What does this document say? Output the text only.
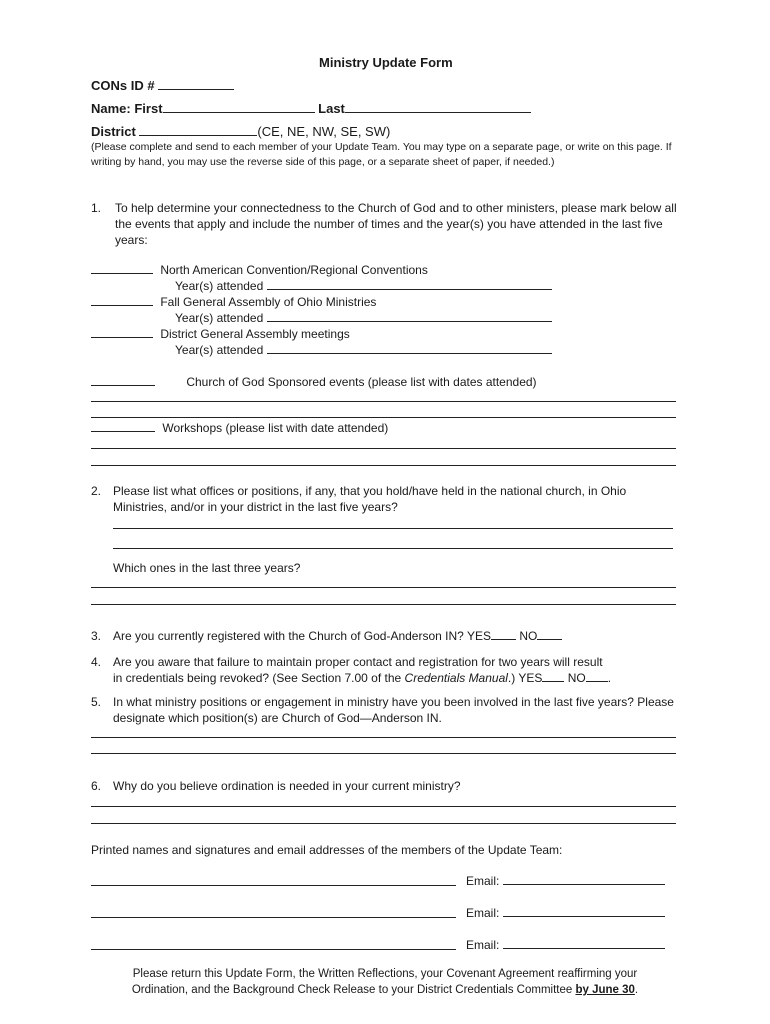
Ministry Update Form
CONs ID #
Name: First	Last
District	(CE, NE, NW, SE, SW)
(Please complete and send to each member of your Update Team. You may type on a separate page, or write on this page. If writing by hand, you may use the reverse side of this page, or a separate sheet of paper, if needed.)
1. To help determine your connectedness to the Church of God and to other ministers, please mark below all the events that apply and include the number of times and the year(s) you have attended in the last five years:
North American Convention/Regional Conventions
Year(s) attended
Fall General Assembly of Ohio Ministries
Year(s) attended
District General Assembly meetings
Year(s) attended
Church of God Sponsored events (please list with dates attended)
Workshops (please list with date attended)
2. Please list what offices or positions, if any, that you hold/have held in the national church, in Ohio Ministries, and/or in your district in the last five years?
Which ones in the last three years?
3. Are you currently registered with the Church of God-Anderson IN? YES NO
4. Are you aware that failure to maintain proper contact and registration for two years will result
in credentials being revoked? (See Section 7.00 of the Credentials Manual.) YES NO .
5. In what ministry positions or engagement in ministry have you been involved in the last five years? Please designate which position(s) are Church of God—Anderson IN.
6. Why do you believe ordination is needed in your current ministry?
Printed names and signatures and email addresses of the members of the Update Team:
Email:
Email:
Email:
Please return this Update Form, the Written Reflections, your Covenant Agreement reaffirming your
Ordination, and the Background Check Release to your District Credentials Committee by June 30.
